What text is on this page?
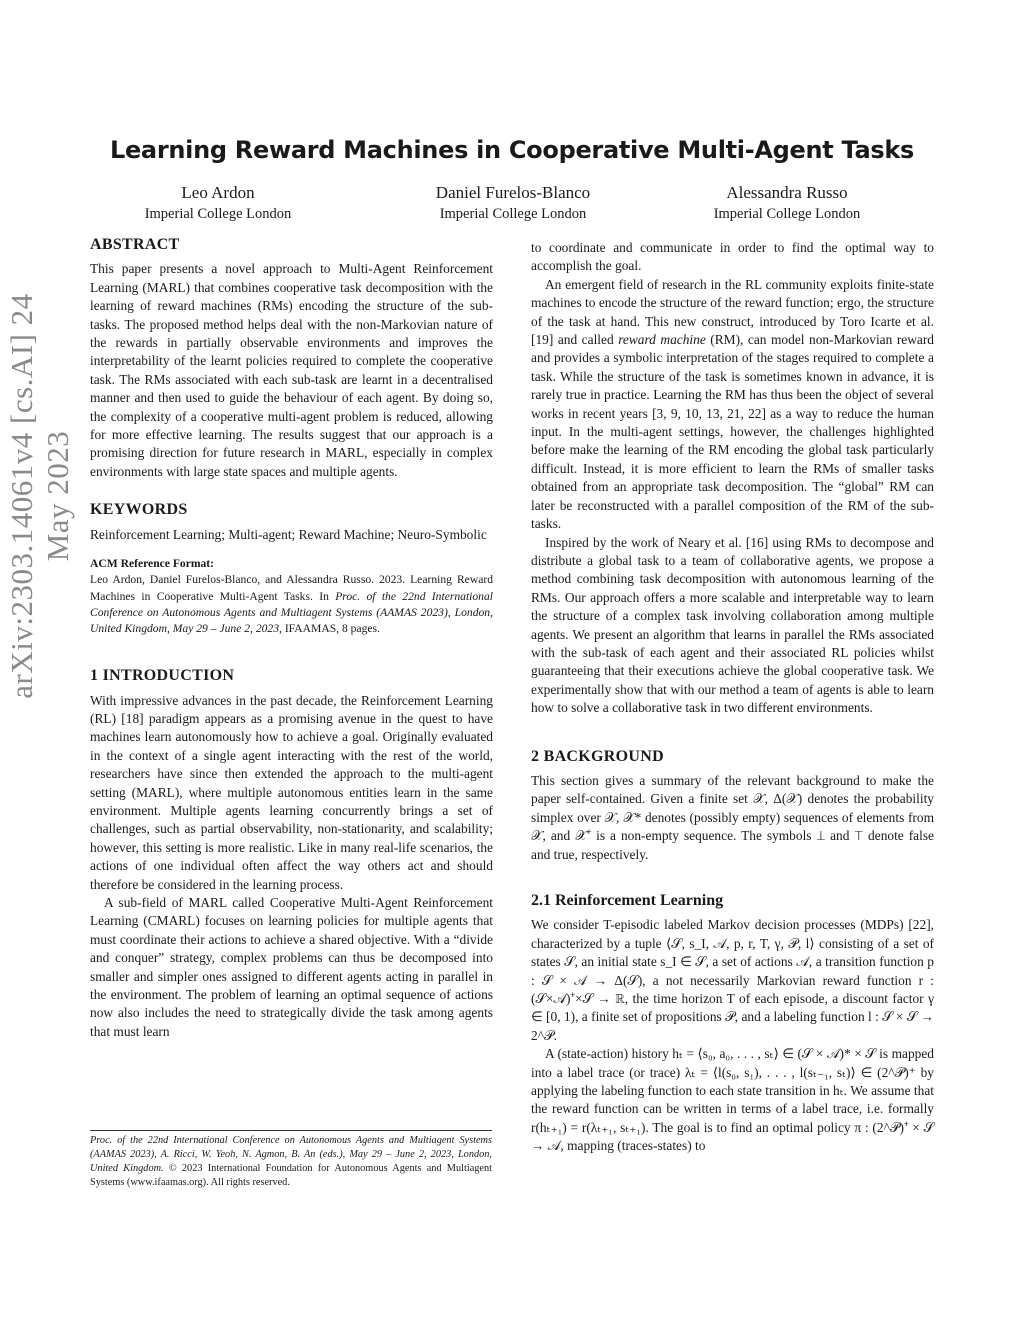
arXiv:2303.14061v4 [cs.AI] 24 May 2023
Learning Reward Machines in Cooperative Multi-Agent Tasks
Leo Ardon
Imperial College London
Daniel Furelos-Blanco
Imperial College London
Alessandra Russo
Imperial College London
ABSTRACT

This paper presents a novel approach to Multi-Agent Reinforcement Learning (MARL) that combines cooperative task decomposition with the learning of reward machines (RMs) encoding the structure of the sub-tasks. The proposed method helps deal with the non-Markovian nature of the rewards in partially observable environments and improves the interpretability of the learnt policies required to complete the cooperative task. The RMs associated with each sub-task are learnt in a decentralised manner and then used to guide the behaviour of each agent. By doing so, the complexity of a cooperative multi-agent problem is reduced, allowing for more effective learning. The results suggest that our approach is a promising direction for future research in MARL, especially in complex environments with large state spaces and multiple agents.

KEYWORDS

Reinforcement Learning; Multi-agent; Reward Machine; Neuro-Symbolic

ACM Reference Format:
Leo Ardon, Daniel Furelos-Blanco, and Alessandra Russo. 2023. Learning Reward Machines in Cooperative Multi-Agent Tasks. In Proc. of the 22nd International Conference on Autonomous Agents and Multiagent Systems (AAMAS 2023), London, United Kingdom, May 29 – June 2, 2023, IFAAMAS, 8 pages.
1 INTRODUCTION

With impressive advances in the past decade, the Reinforcement Learning (RL) [18] paradigm appears as a promising avenue in the quest to have machines learn autonomously how to achieve a goal. Originally evaluated in the context of a single agent interacting with the rest of the world, researchers have since then extended the approach to the multi-agent setting (MARL), where multiple autonomous entities learn in the same environment. Multiple agents learning concurrently brings a set of challenges, such as partial observability, non-stationarity, and scalability; however, this setting is more realistic. Like in many real-life scenarios, the actions of one individual often affect the way others act and should therefore be considered in the learning process.

A sub-field of MARL called Cooperative Multi-Agent Reinforcement Learning (CMARL) focuses on learning policies for multiple agents that must coordinate their actions to achieve a shared objective. With a “divide and conquer” strategy, complex problems can thus be decomposed into smaller and simpler ones assigned to different agents acting in parallel in the environment. The problem of learning an optimal sequence of actions now also includes the need to strategically divide the task among agents that must learn

Proc. of the 22nd International Conference on Autonomous Agents and Multiagent Systems (AAMAS 2023), A. Ricci, W. Yeoh, N. Agmon, B. An (eds.), May 29 – June 2, 2023, London, United Kingdom. © 2023 International Foundation for Autonomous Agents and Multiagent Systems (www.ifaamas.org). All rights reserved.

to coordinate and communicate in order to find the optimal way to accomplish the goal.

An emergent field of research in the RL community exploits finite-state machines to encode the structure of the reward function; ergo, the structure of the task at hand. This new construct, introduced by Toro Icarte et al. [19] and called reward machine (RM), can model non-Markovian reward and provides a symbolic interpretation of the stages required to complete a task. While the structure of the task is sometimes known in advance, it is rarely true in practice. Learning the RM has thus been the object of several works in recent years [3, 9, 10, 13, 21, 22] as a way to reduce the human input. In the multi-agent settings, however, the challenges highlighted before make the learning of the RM encoding the global task particularly difficult. Instead, it is more efficient to learn the RMs of smaller tasks obtained from an appropriate task decomposition. The “global” RM can later be reconstructed with a parallel composition of the RM of the sub-tasks.

Inspired by the work of Neary et al. [16] using RMs to decompose and distribute a global task to a team of collaborative agents, we propose a method combining task decomposition with autonomous learning of the RMs. Our approach offers a more scalable and interpretable way to learn the structure of a complex task involving collaboration among multiple agents. We present an algorithm that learns in parallel the RMs associated with the sub-task of each agent and their associated RL policies whilst guaranteeing that their executions achieve the global cooperative task. We experimentally show that with our method a team of agents is able to learn how to solve a collaborative task in two different environments.

2 BACKGROUND

This section gives a summary of the relevant background to make the paper self-contained. Given a finite set 𝒳, Δ(𝒳) denotes the probability simplex over 𝒳, 𝒳* denotes (possibly empty) sequences of elements from 𝒳, and 𝒳⁺ is a non-empty sequence. The symbols ⊥ and ⊤ denote false and true, respectively.

2.1 Reinforcement Learning

We consider T-episodic labeled Markov decision processes (MDPs) [22], characterized by a tuple ⟨𝒮, s_I, 𝒜, p, r, T, γ, 𝒫, l⟩ consisting of a set of states 𝒮, an initial state s_I ∈ 𝒮, a set of actions 𝒜, a transition function p : 𝒮 × 𝒜 → Δ(𝒮), a not necessarily Markovian reward function r : (𝒮×𝒜)⁺×𝒮 → ℝ, the time horizon T of each episode, a discount factor γ ∈ [0, 1), a finite set of propositions 𝒫, and a labeling function l : 𝒮 × 𝒮 → 2^𝒫.

A (state-action) history hₜ = ⟨s₀, a₀, . . . , sₜ⟩ ∈ (𝒮 × 𝒜)* × 𝒮 is mapped into a label trace (or trace) λₜ = ⟨l(s₀, s₁), . . . , l(sₜ₋₁, sₜ)⟩ ∈ (2^𝒫)⁺ by applying the labeling function to each state transition in hₜ. We assume that the reward function can be written in terms of a label trace, i.e. formally r(hₜ₊₁) = r(λₜ₊₁, sₜ₊₁). The goal is to find an optimal policy π : (2^𝒫)⁺ × 𝒮 → 𝒜, mapping (traces-states) to
